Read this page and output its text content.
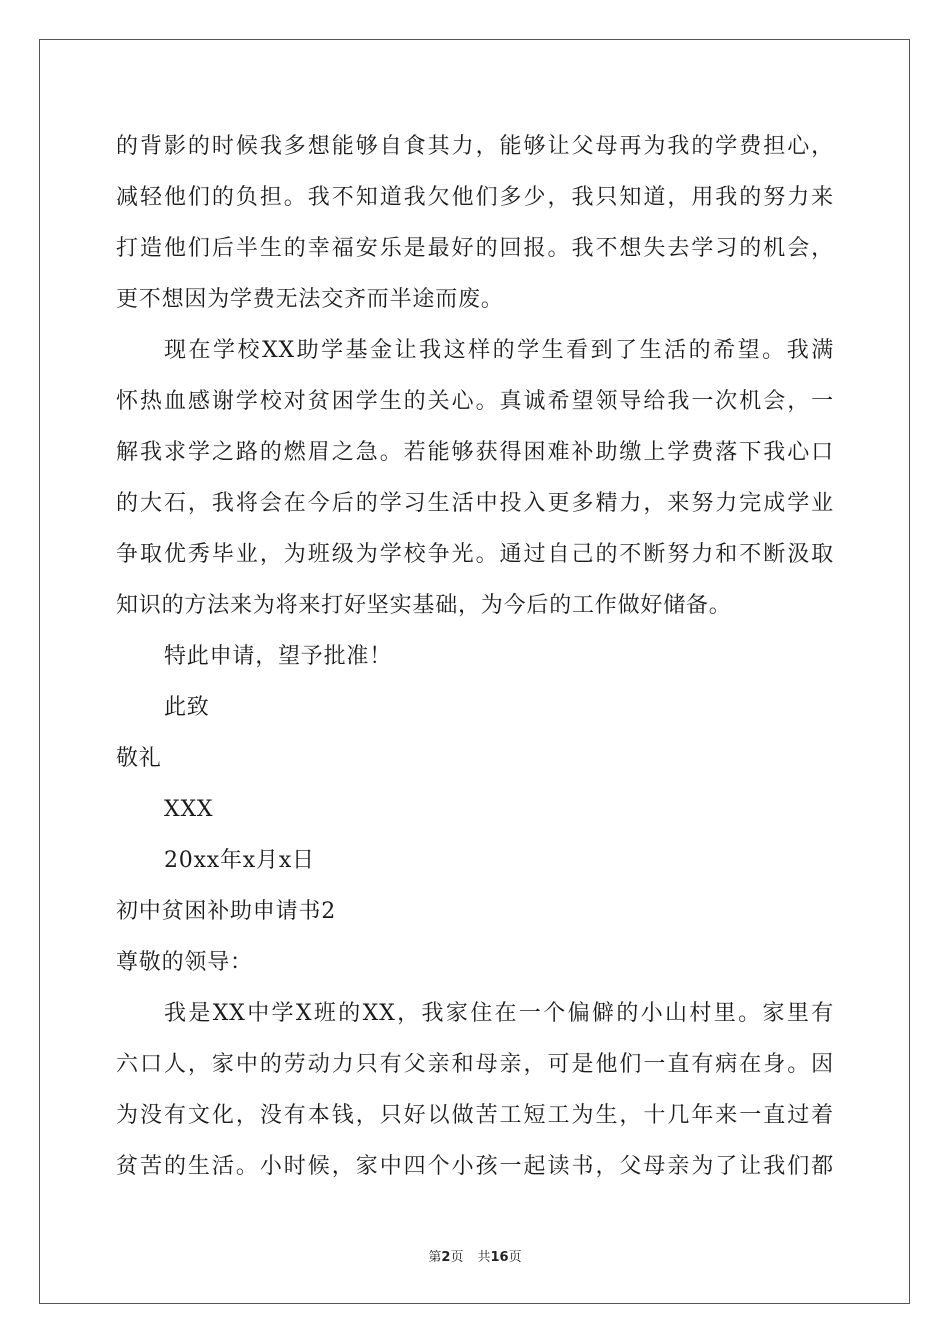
的背影的时候我多想能够自食其力，能够让父母再为我的学费担心，
减轻他们的负担。我不知道我欠他们多少，我只知道，用我的努力来
打造他们后半生的幸福安乐是最好的回报。我不想失去学习的机会，
更不想因为学费无法交齐而半途而废。
现在学校XX助学基金让我这样的学生看到了生活的希望。我满
怀热血感谢学校对贫困学生的关心。真诚希望领导给我一次机会，一
解我求学之路的燃眉之急。若能够获得困难补助缴上学费落下我心口
的大石，我将会在今后的学习生活中投入更多精力，来努力完成学业
争取优秀毕业，为班级为学校争光。通过自己的不断努力和不断汲取
知识的方法来为将来打好坚实基础，为今后的工作做好储备。
特此申请，望予批准！
此致
敬礼
XXX
20xx年x月x日
初中贫困补助申请书2
尊敬的领导：
我是XX中学X班的XX，我家住在一个偏僻的小山村里。家里有
六口人，家中的劳动力只有父亲和母亲，可是他们一直有病在身。因
为没有文化，没有本钱，只好以做苦工短工为生，十几年来一直过着
贫苦的生活。小时候，家中四个小孩一起读书，父母亲为了让我们都
第2页 共16页
